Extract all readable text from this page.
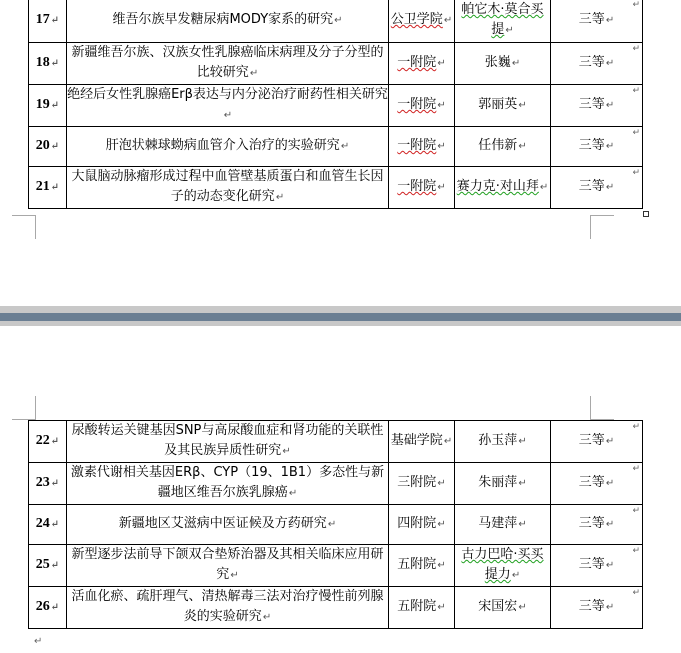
17↵	维吾尔族早发糖尿病MODY家系的研究↵	公卫学院↵	帕它木·莫合买提↵	三等↵
↵

18↵	新疆维吾尔族、汉族女性乳腺癌临床病理及分子分型的比较研究↵	一附院↵	张巍↵	三等↵
↵

19↵	绝经后女性乳腺癌Erβ表达与内分泌治疗耐药性相关研究↵	一附院↵	郭丽英↵	三等↵
↵

20↵	肝泡状棘球蚴病血管介入治疗的实验研究↵	一附院↵	任伟新↵	三等↵
↵

21↵	大鼠脑动脉瘤形成过程中血管壁基质蛋白和血管生长因子的动态变化研究↵	一附院↵	赛力克·对山拜↵	三等↵
↵
22↵	尿酸转运关键基因SNP与高尿酸血症和肾功能的关联性及其民族异质性研究↵	基础学院↵	孙玉萍↵	三等↵
↵

23↵	激素代谢相关基因ERβ、CYP（19、1B1）多态性与新疆地区维吾尔族乳腺癌↵	三附院↵	朱丽萍↵	三等↵
↵

24↵	新疆地区艾滋病中医证候及方药研究↵	四附院↵	马建萍↵	三等↵
↵

25↵	新型逐步法前导下颌双合垫矫治器及其相关临床应用研究↵	五附院↵	古力巴哈·买买提力↵	三等↵
↵

26↵	活血化瘀、疏肝理气、清热解毒三法对治疗慢性前列腺炎的实验研究↵	五附院↵	宋国宏↵	三等↵
↵
↵
